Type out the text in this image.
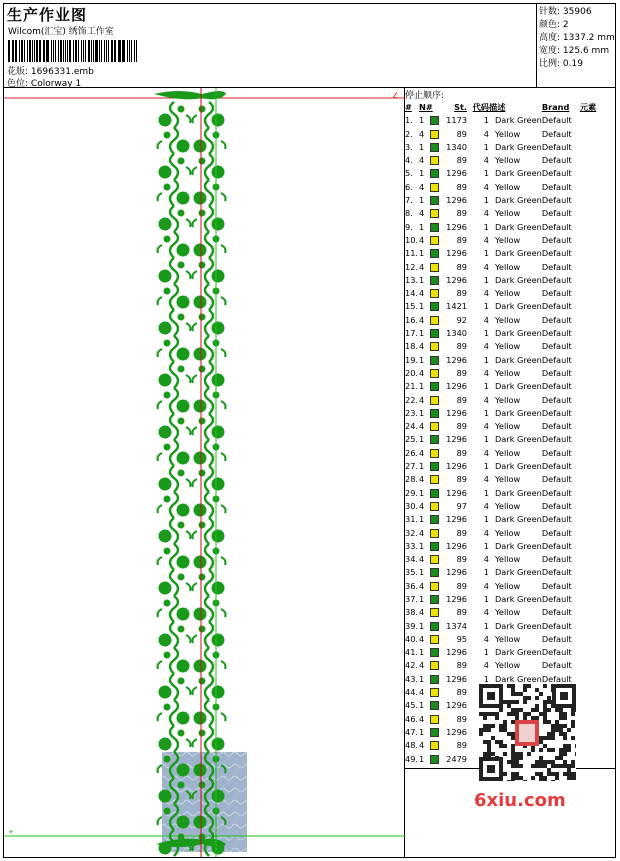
生产作业图
Wilcom(汇宝) 绣饰工作室
花版: 1696331.emb
色位: Colorway 1
针数: 35906
颜色: 2
高度: 1337.2 mm
宽度: 125.6 mm
比例: 0.19
+
∠ 停止顺序:
#	N#	St.	代码	描述	Brand	元素
1.	1	1173	1	Dark Green	Default	
2.	4	89	4	Yellow	Default	
3.	1	1340	1	Dark Green	Default	
4.	4	89	4	Yellow	Default	
5.	1	1296	1	Dark Green	Default	
6.	4	89	4	Yellow	Default	
7.	1	1296	1	Dark Green	Default	
8.	4	89	4	Yellow	Default	
9.	1	1296	1	Dark Green	Default	
10.	4	89	4	Yellow	Default	
11.	1	1296	1	Dark Green	Default	
12.	4	89	4	Yellow	Default	
13.	1	1296	1	Dark Green	Default	
14.	4	89	4	Yellow	Default	
15.	1	1421	1	Dark Green	Default	
16.	4	92	4	Yellow	Default	
17.	1	1340	1	Dark Green	Default	
18.	4	89	4	Yellow	Default	
19.	1	1296	1	Dark Green	Default	
20.	4	89	4	Yellow	Default	
21.	1	1296	1	Dark Green	Default	
22.	4	89	4	Yellow	Default	
23.	1	1296	1	Dark Green	Default	
24.	4	89	4	Yellow	Default	
25.	1	1296	1	Dark Green	Default	
26.	4	89	4	Yellow	Default	
27.	1	1296	1	Dark Green	Default	
28.	4	89	4	Yellow	Default	
29.	1	1296	1	Dark Green	Default	
30.	4	97	4	Yellow	Default	
31.	1	1296	1	Dark Green	Default	
32.	4	89	4	Yellow	Default	
33.	1	1296	1	Dark Green	Default	
34.	4	89	4	Yellow	Default	
35.	1	1296	1	Dark Green	Default	
36.	4	89	4	Yellow	Default	
37.	1	1296	1	Dark Green	Default	
38.	4	89	4	Yellow	Default	
39.	1	1374	1	Dark Green	Default	
40.	4	95	4	Yellow	Default	
41.	1	1296	1	Dark Green	Default	
42.	4	89	4	Yellow	Default	
43.	1	1296	1	Dark Green	Default	
44.	4	89				
45.	1	1296				
46.	4	89				
47.	1	1296				
48.	4	89				
49.	1	2479				
6xiu.com
